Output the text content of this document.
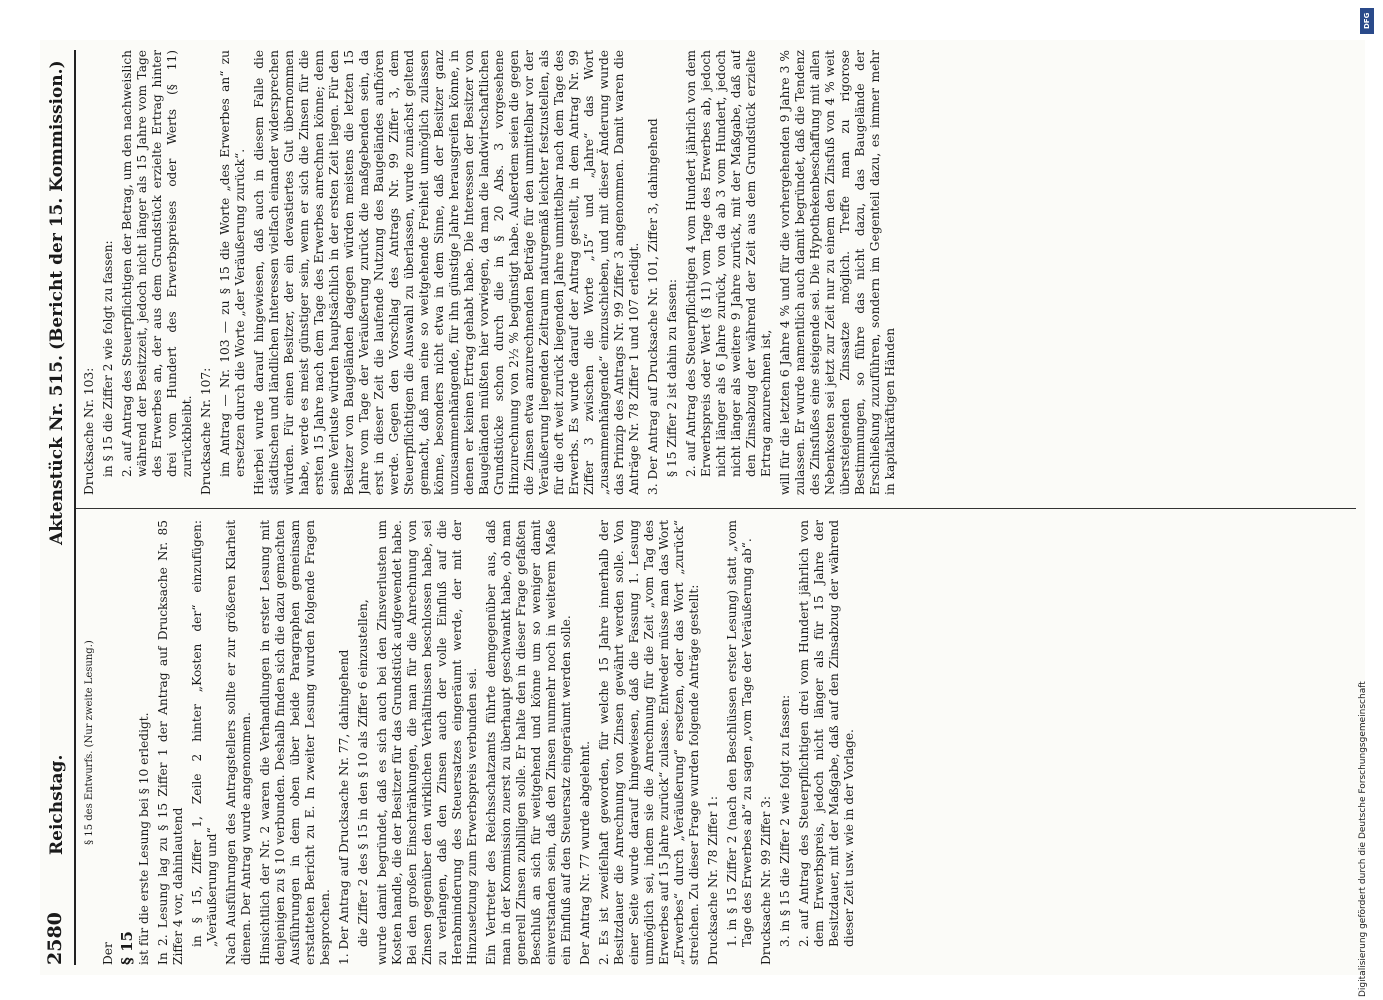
2580
Reichstag.
Aktenstück Nr. 515.
(Bericht der 15. Kommission.)

§ 15 des Entwurfs. (Nur zweite Lesung.)

Der § 15 ist für die erste Lesung bei § 10 erledigt. In 2. Lesung lag zu § 15 Ziffer 1 der Antrag auf Drucksache Nr. 85 Ziffer 4 vor, dahinlautend in § 15, Ziffer 1, Zeile 2 hinter „Kosten der“ einzufügen: „Veräußerung und“ Nach Ausführungen des Antragstellers sollte er zur größeren Klarheit dienen. Der Antrag wurde angenommen. Hinsichtlich der Nr. 2 waren die Verhandlungen in erster Lesung mit denjenigen zu § 10 verbunden. Deshalb finden sich die dazu gemachten Ausführungen in dem oben über beide Paragraphen gemeinsam erstatteten Bericht zu E. In zweiter Lesung wurden folgende Fragen besprochen. 1. Der Antrag auf Drucksache Nr. 77, dahingehend die Ziffer 2 des § 15 in den § 10 als Ziffer 6 einzustellen, wurde damit begründet, daß es sich auch bei den Zinsverlusten um Kosten handle, die der Besitzer für das Grundstück aufgewendet habe. Bei den großen Einschränkungen, die man für die Anrechnung von Zinsen gegenüber den wirklichen Verhältnissen beschlossen habe, sei zu verlangen, daß den Zinsen auch der volle Einfluß auf die Herabminderung des Steuersatzes eingeräumt werde, der mit der Hinzusetzung zum Erwerbspreis verbunden sei. Ein Vertreter des Reichsschatzamts führte demgegenüber aus, daß man in der Kommission zuerst zu überhaupt geschwankt habe, ob man generell Zinsen zubilligen solle. Er halte den in dieser Frage gefaßten Beschluß an sich für weitgehend und könne um so weniger damit einverstanden sein, daß den Zinsen nunmehr noch in weiterem Maße ein Einfluß auf den Steuersatz eingeräumt werden solle. Der Antrag Nr. 77 wurde abgelehnt. 2. Es ist zweifelhaft geworden, für welche 15 Jahre innerhalb der Besitzdauer die Anrechnung von Zinsen gewährt werden solle. Von einer Seite wurde darauf hingewiesen, daß die Fassung 1. Lesung unmöglich sei, indem sie die Anrechnung für die Zeit „vom Tag des Erwerbes auf 15 Jahre zurück“ zulasse. Entweder müsse man das Wort „Erwerbes“ durch „Veräußerung“ ersetzen, oder das Wort „zurück“ streichen. Zu dieser Frage wurden folgende Anträge gestellt: Drucksache Nr. 78 Ziffer 1: 1. in § 15 Ziffer 2 (nach den Beschlüssen erster Lesung) statt „vom Tage des Erwerbes ab“ zu sagen „vom Tage der Veräußerung ab“. Drucksache Nr. 99 Ziffer 3: 3. in § 15 die Ziffer 2 wie folgt zu fassen: 2. auf Antrag des Steuerpflichtigen drei vom Hundert jährlich von dem Erwerbspreis, jedoch nicht länger als für 15 Jahre der Besitzdauer, mit der Maßgabe, daß auf den Zinsabzug der während dieser Zeit usw. wie in der Vorlage.

Drucksache Nr. 103: in § 15 die Ziffer 2 wie folgt zu fassen: 2. auf Antrag des Steuerpflichtigen der Betrag, um den nachweislich während der Besitzzeit, jedoch nicht länger als 15 Jahre vom Tage des Erwerbes an, der aus dem Grundstück erzielte Ertrag hinter drei vom Hundert des Erwerbspreises oder Werts (§ 11) zurückbleibt. Drucksache Nr. 107: im Antrag — Nr. 103 — zu § 15 die Worte „des Erwerbes an“ zu ersetzen durch die Worte „der Veräußerung zurück“. Hierbei wurde darauf hingewiesen, daß auch in diesem Falle die städtischen und ländlichen Interessen vielfach einander widersprechen würden. Für einen Besitzer, der ein devastiertes Gut übernommen habe, werde es meist günstiger sein, wenn er sich die Zinsen für die ersten 15 Jahre nach dem Tage des Erwerbes anrechnen könne; denn seine Verluste würden hauptsächlich in der ersten Zeit liegen. Für den Besitzer von Baugeländen dagegen würden meistens die letzten 15 Jahre vom Tage der Veräußerung zurück die maßgebenden sein, da erst in dieser Zeit die laufende Nutzung des Baugeländes aufhören werde. Gegen den Vorschlag des Antrags Nr. 99 Ziffer 3, dem Steuerpflichtigen die Auswahl zu überlassen, wurde zunächst geltend gemacht, daß man eine so weitgehende Freiheit unmöglich zulassen könne, besonders nicht etwa in dem Sinne, daß der Besitzer ganz unzusammenhängende, für ihn günstige Jahre herausgreifen könne, in denen er keinen Ertrag gehabt habe. Die Interessen der Besitzer von Baugeländen müßten hier vorwiegen, da man die landwirtschaftlichen Grundstücke schon durch die in § 20 Abs. 3 vorgesehene Hinzurechnung von 2½ % begünstigt habe. Außerdem seien die gegen die Zinsen etwa anzurechnenden Beträge für den unmittelbar vor der Veräußerung liegenden Zeitraum naturgemäß leichter festzustellen, als für die oft weit zurück liegenden Jahre unmittelbar nach dem Tage des Erwerbs. Es wurde darauf der Antrag gestellt, in dem Antrag Nr. 99 Ziffer 3 zwischen die Worte „15“ und „Jahre“ das Wort „zusammenhängende“ einzuschieben, und mit dieser Änderung wurde das Prinzip des Antrags Nr. 99 Ziffer 3 angenommen. Damit waren die Anträge Nr. 78 Ziffer 1 und 107 erledigt. 3. Der Antrag auf Drucksache Nr. 101, Ziffer 3, dahingehend § 15 Ziffer 2 ist dahin zu fassen: 2. auf Antrag des Steuerpflichtigen 4 vom Hundert jährlich von dem Erwerbspreis oder Wert (§ 11) vom Tage des Erwerbes ab, jedoch nicht länger als 6 Jahre zurück, von da ab 3 vom Hundert, jedoch nicht länger als weitere 9 Jahre zurück, mit der Maßgabe, daß auf den Zinsabzug der während der Zeit aus dem Grundstück erzielte Ertrag anzurechnen ist, will für die letzten 6 Jahre 4 % und für die vorhergehenden 9 Jahre 3 % zulassen. Er wurde namentlich auch damit begründet, daß die Tendenz des Zinsfußes eine steigende sei. Die Hypothekenbeschaffung mit allen Nebenkosten sei jetzt zur Zeit nur zu einem den Zinsfuß von 4 % weit übersteigenden Zinssatze möglich. Treffe man zu rigorose Bestimmungen, so führe das nicht dazu, das Baugelände der Erschließung zuzuführen, sondern im Gegenteil dazu, es immer mehr in kapitalkräftigen Händen

Digitalisierung gefördert durch die Deutsche Forschungsgemeinschaft
DFG
